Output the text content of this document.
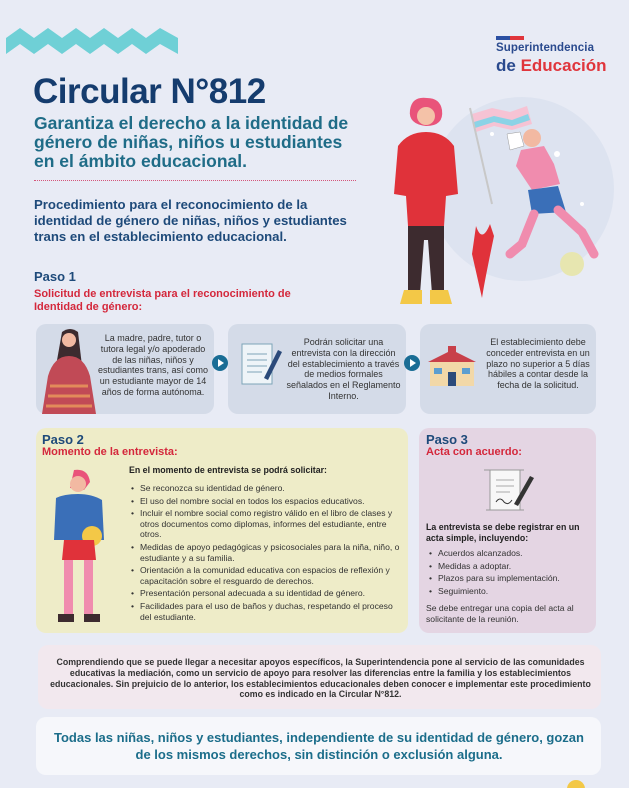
Superintendencia
de Educación
Circular N°812
Garantiza el derecho a la identidad de género de niñas, niños u estudiantes en el ámbito educacional.
Procedimiento para el reconocimiento de la identidad de género de niñas, niños y estudiantes trans en el establecimiento educacional.
Paso 1
Solicitud de entrevista para el reconocimiento de Identidad de género:
La madre, padre, tutor o tutora legal y/o apoderado de las niñas, niños y estudiantes trans, así como un estudiante mayor de 14 años de forma autónoma.
Podrán solicitar una entrevista con la dirección del establecimiento a través de medios formales señalados en el Reglamento Interno.
El establecimiento debe conceder entrevista en un plazo no superior a 5 días hábiles a contar desde la fecha de la solicitud.
Paso 2
Momento de la entrevista:
En el momento de entrevista se podrá solicitar:
• Se reconozca su identidad de género.
• El uso del nombre social en todos los espacios educativos.
• Incluir el nombre social como registro válido en el libro de clases y otros documentos como diplomas, informes del estudiante, entre otros.
• Medidas de apoyo pedagógicas y psicosociales para la niña, niño, o estudiante y a su familia.
• Orientación a la comunidad educativa con espacios de reflexión y capacitación sobre el resguardo de derechos.
• Presentación personal adecuada a su identidad de género.
• Facilidades para el uso de baños y duchas, respetando el proceso del estudiante.
Paso 3
Acta con acuerdo:
La entrevista se debe registrar en un acta simple, incluyendo:
• Acuerdos alcanzados.
• Medidas a adoptar.
• Plazos para su implementación.
• Seguimiento.
Se debe entregar una copia del acta al solicitante de la reunión.
Comprendiendo que se puede llegar a necesitar apoyos específicos, la Superintendencia pone al servicio de las comunidades educativas la mediación, como un servicio de apoyo para resolver las diferencias entre la familia y los establecimientos educacionales. Sin prejuicio de lo anterior, los establecimientos educacionales deben conocer e implementar este procedimiento como es indicado en la Circular N°812.
Todas las niñas, niños y estudiantes, independiente de su identidad de género, gozan de los mismos derechos, sin distinción o exclusión alguna.
